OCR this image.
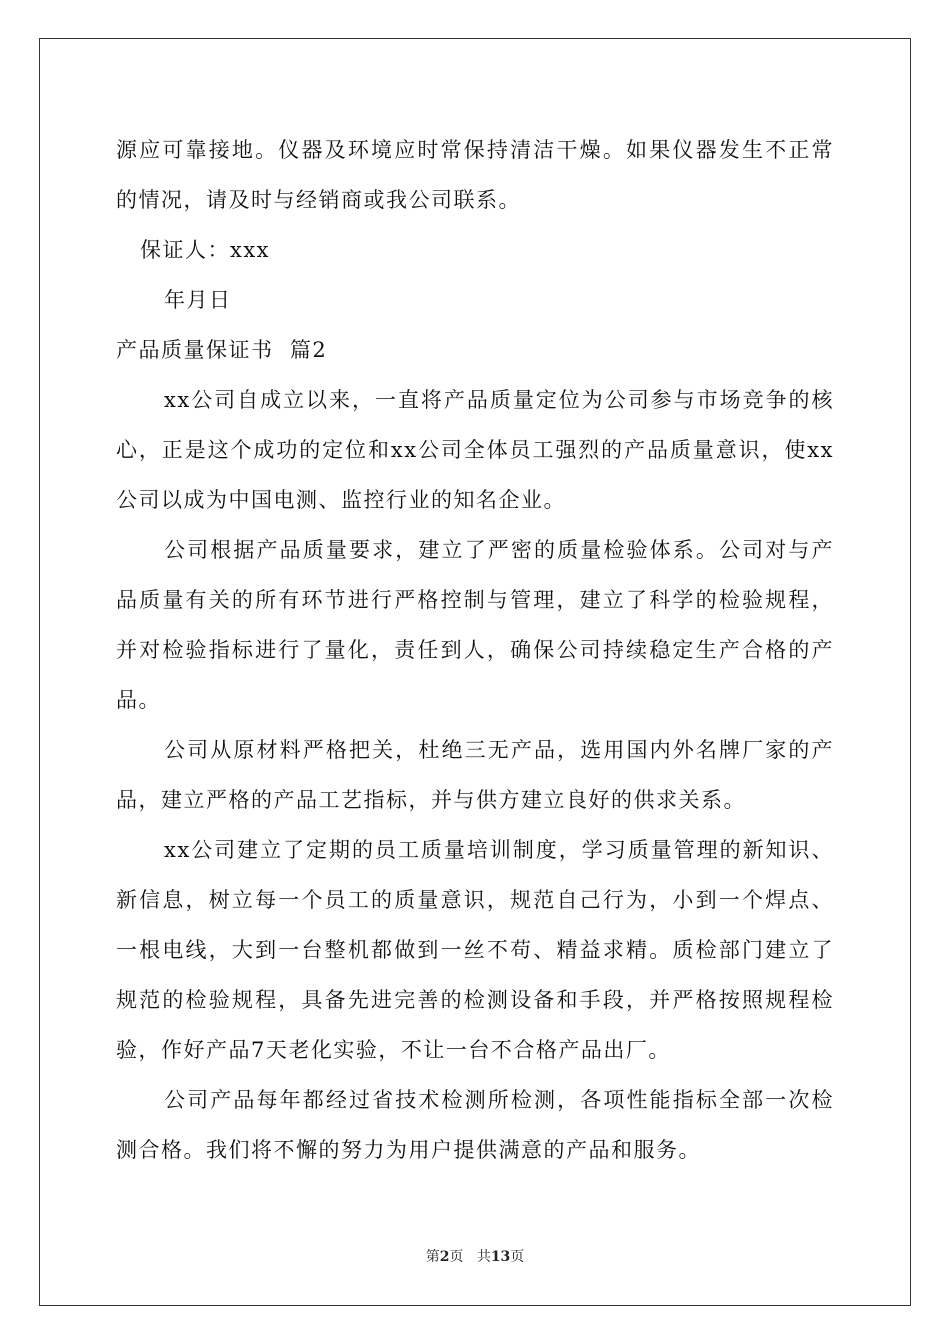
源应可靠接地。仪器及环境应时常保持清洁干燥。如果仪器发生不正常的情况，请及时与经销商或我公司联系。

保证人：xxx

年月日

产品质量保证书  篇2

xx公司自成立以来，一直将产品质量定位为公司参与市场竞争的核心，正是这个成功的定位和xx公司全体员工强烈的产品质量意识，使xx公司以成为中国电测、监控行业的知名企业。

公司根据产品质量要求，建立了严密的质量检验体系。公司对与产品质量有关的所有环节进行严格控制与管理，建立了科学的检验规程，并对检验指标进行了量化，责任到人，确保公司持续稳定生产合格的产品。

公司从原材料严格把关，杜绝三无产品，选用国内外名牌厂家的产品，建立严格的产品工艺指标，并与供方建立良好的供求关系。

xx公司建立了定期的员工质量培训制度，学习质量管理的新知识、新信息，树立每一个员工的质量意识，规范自己行为，小到一个焊点、一根电线，大到一台整机都做到一丝不苟、精益求精。质检部门建立了规范的检验规程，具备先进完善的检测设备和手段，并严格按照规程检验，作好产品7天老化实验，不让一台不合格产品出厂。

公司产品每年都经过省技术检测所检测，各项性能指标全部一次检测合格。我们将不懈的努力为用户提供满意的产品和服务。

第2页 共13页
